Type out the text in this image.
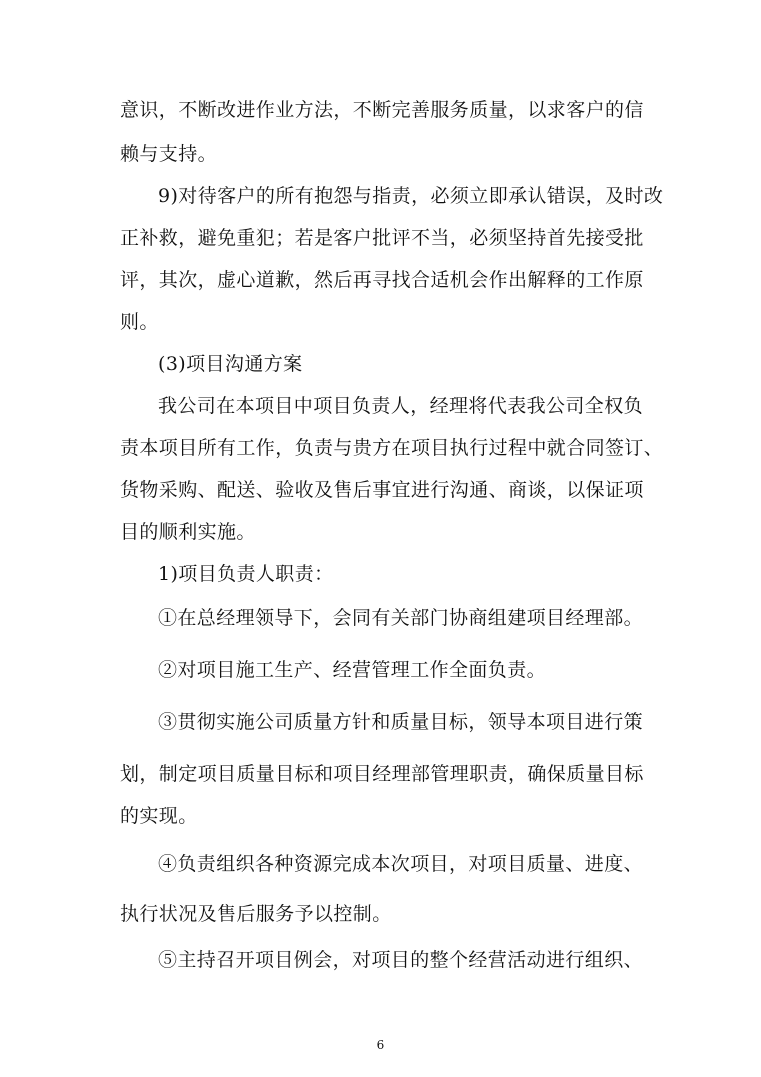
意识，不断改进作业方法，不断完善服务质量，以求客户的信
赖与支持。
9)对待客户的所有抱怨与指责，必须立即承认错误，及时改
正补救，避免重犯；若是客户批评不当，必须坚持首先接受批
评，其次，虚心道歉，然后再寻找合适机会作出解释的工作原
则。
(3)项目沟通方案
我公司在本项目中项目负责人，经理将代表我公司全权负
责本项目所有工作，负责与贵方在项目执行过程中就合同签订、
货物采购、配送、验收及售后事宜进行沟通、商谈，以保证项
目的顺利实施。
1)项目负责人职责：
①在总经理领导下，会同有关部门协商组建项目经理部。
②对项目施工生产、经营管理工作全面负责。
③贯彻实施公司质量方针和质量目标，领导本项目进行策
划，制定项目质量目标和项目经理部管理职责，确保质量目标
的实现。
④负责组织各种资源完成本次项目，对项目质量、进度、
执行状况及售后服务予以控制。
⑤主持召开项目例会，对项目的整个经营活动进行组织、
6
